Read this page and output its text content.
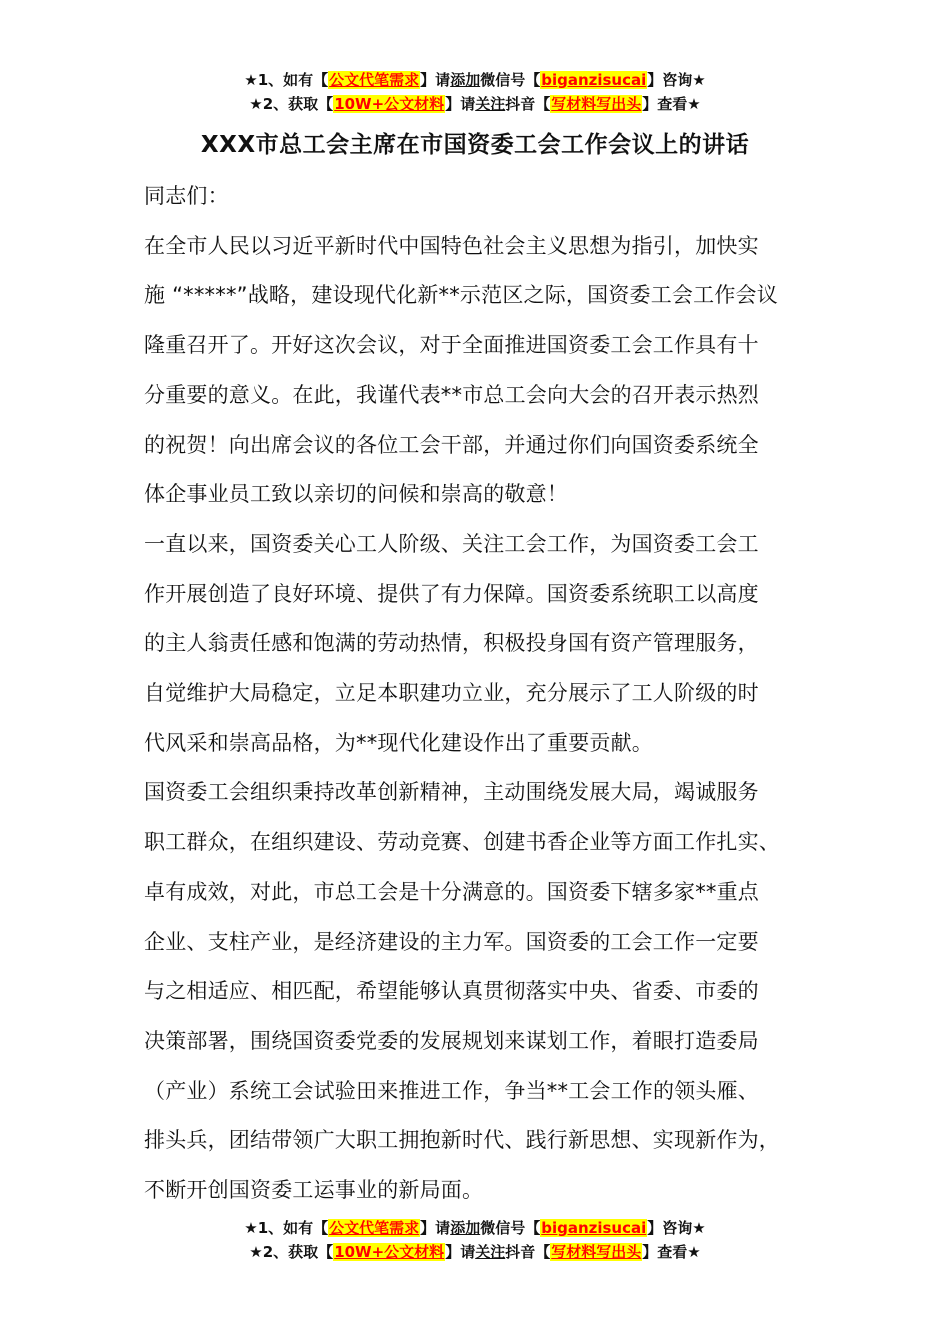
★1、如有【公文代笔需求】请添加微信号【biganzisucai】咨询★
★2、获取【10W+公文材料】请关注抖音【写材料写出头】查看★
XXX市总工会主席在市国资委工会工作会议上的讲话

同志们：

在全市人民以习近平新时代中国特色社会主义思想为指引，加快实

施 “*****”战略，建设现代化新**示范区之际，国资委工会工作会议

隆重召开了。开好这次会议，对于全面推进国资委工会工作具有十

分重要的意义。在此，我谨代表**市总工会向大会的召开表示热烈

的祝贺！向出席会议的各位工会干部，并通过你们向国资委系统全

体企事业员工致以亲切的问候和崇高的敬意！

一直以来，国资委关心工人阶级、关注工会工作，为国资委工会工

作开展创造了良好环境、提供了有力保障。国资委系统职工以高度

的主人翁责任感和饱满的劳动热情，积极投身国有资产管理服务，

自觉维护大局稳定，立足本职建功立业，充分展示了工人阶级的时

代风采和崇高品格，为**现代化建设作出了重要贡献。

国资委工会组织秉持改革创新精神，主动围绕发展大局，竭诚服务

职工群众，在组织建设、劳动竞赛、创建书香企业等方面工作扎实、

卓有成效，对此，市总工会是十分满意的。国资委下辖多家**重点

企业、支柱产业，是经济建设的主力军。国资委的工会工作一定要

与之相适应、相匹配，希望能够认真贯彻落实中央、省委、市委的

决策部署，围绕国资委党委的发展规划来谋划工作，着眼打造委局

（产业）系统工会试验田来推进工作，争当**工会工作的领头雁、

排头兵，团结带领广大职工拥抱新时代、践行新思想、实现新作为，

不断开创国资委工运事业的新局面。

★1、如有【公文代笔需求】请添加微信号【biganzisucai】咨询★
★2、获取【10W+公文材料】请关注抖音【写材料写出头】查看★
